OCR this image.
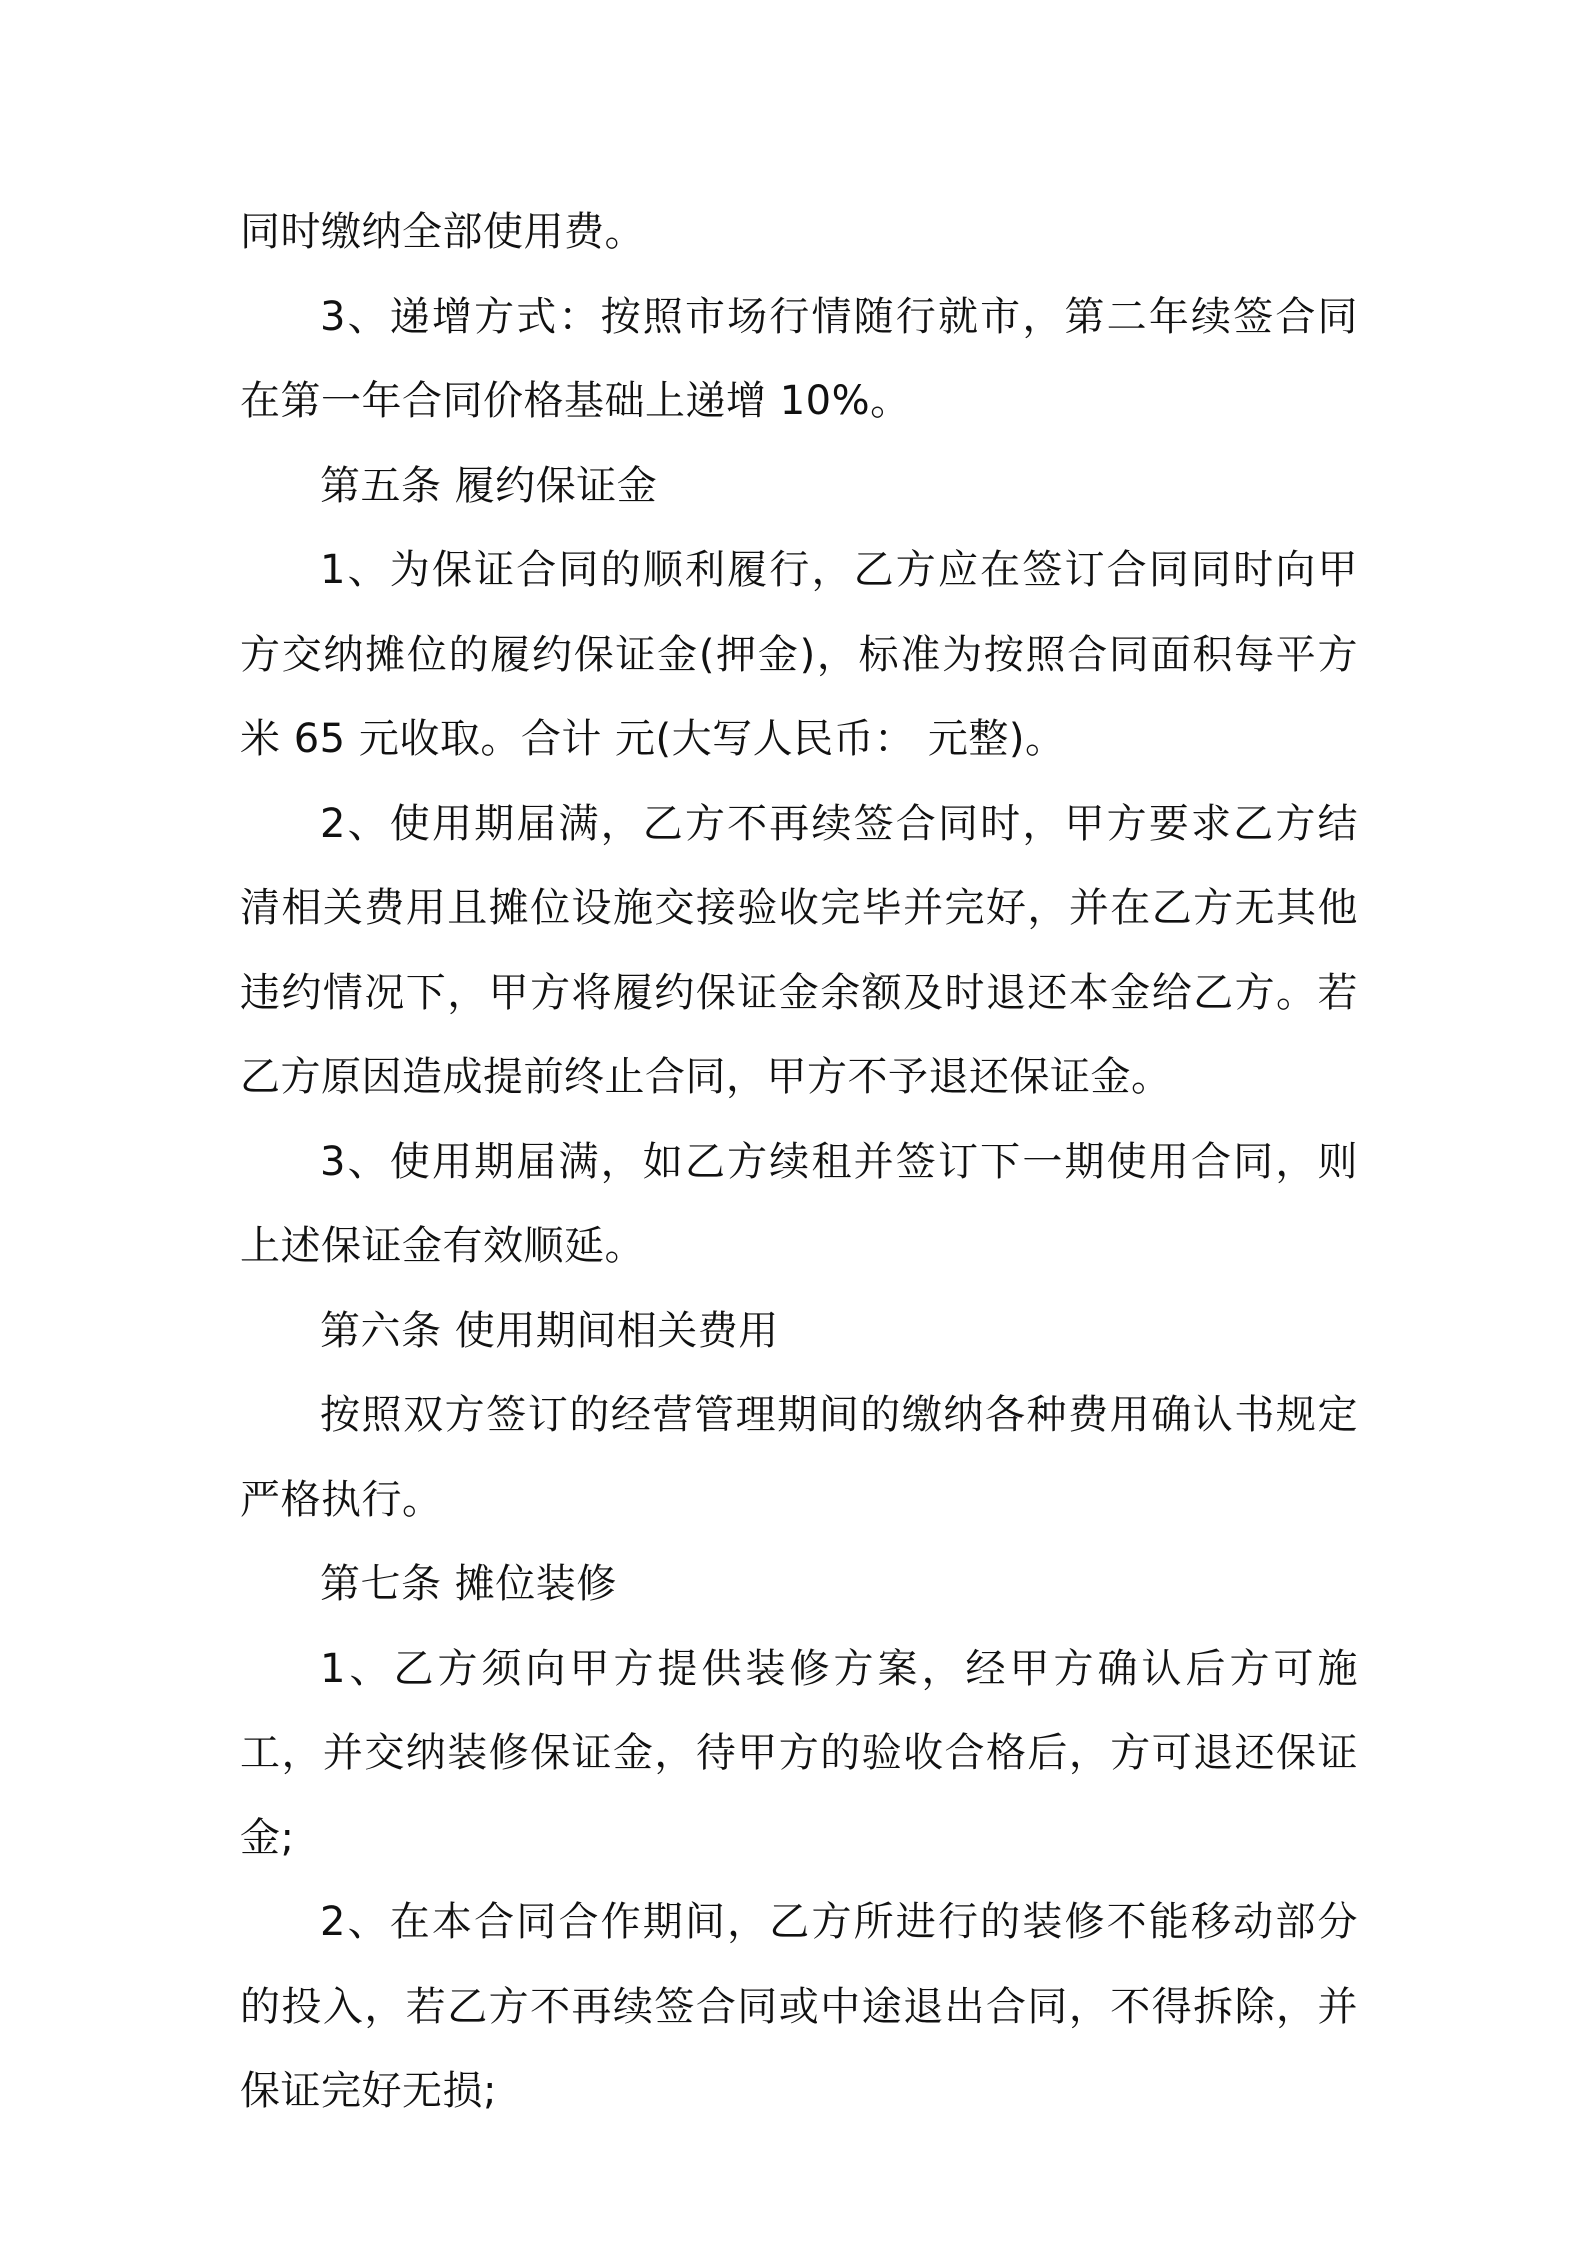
同时缴纳全部使用费。

3、递增方式：按照市场行情随行就市，第二年续签合同在第一年合同价格基础上递增 10%。

第五条 履约保证金

1、为保证合同的顺利履行，乙方应在签订合同同时向甲方交纳摊位的履约保证金(押金)，标准为按照合同面积每平方米 65 元收取。合计 元(大写人民币： 元整)。

2、使用期届满，乙方不再续签合同时，甲方要求乙方结清相关费用且摊位设施交接验收完毕并完好，并在乙方无其他违约情况下，甲方将履约保证金余额及时退还本金给乙方。若乙方原因造成提前终止合同，甲方不予退还保证金。

3、使用期届满，如乙方续租并签订下一期使用合同，则上述保证金有效顺延。

第六条 使用期间相关费用

按照双方签订的经营管理期间的缴纳各种费用确认书规定严格执行。

第七条 摊位装修

1、乙方须向甲方提供装修方案，经甲方确认后方可施工，并交纳装修保证金，待甲方的验收合格后，方可退还保证金;

2、在本合同合作期间，乙方所进行的装修不能移动部分的投入，若乙方不再续签合同或中途退出合同，不得拆除，并保证完好无损;
